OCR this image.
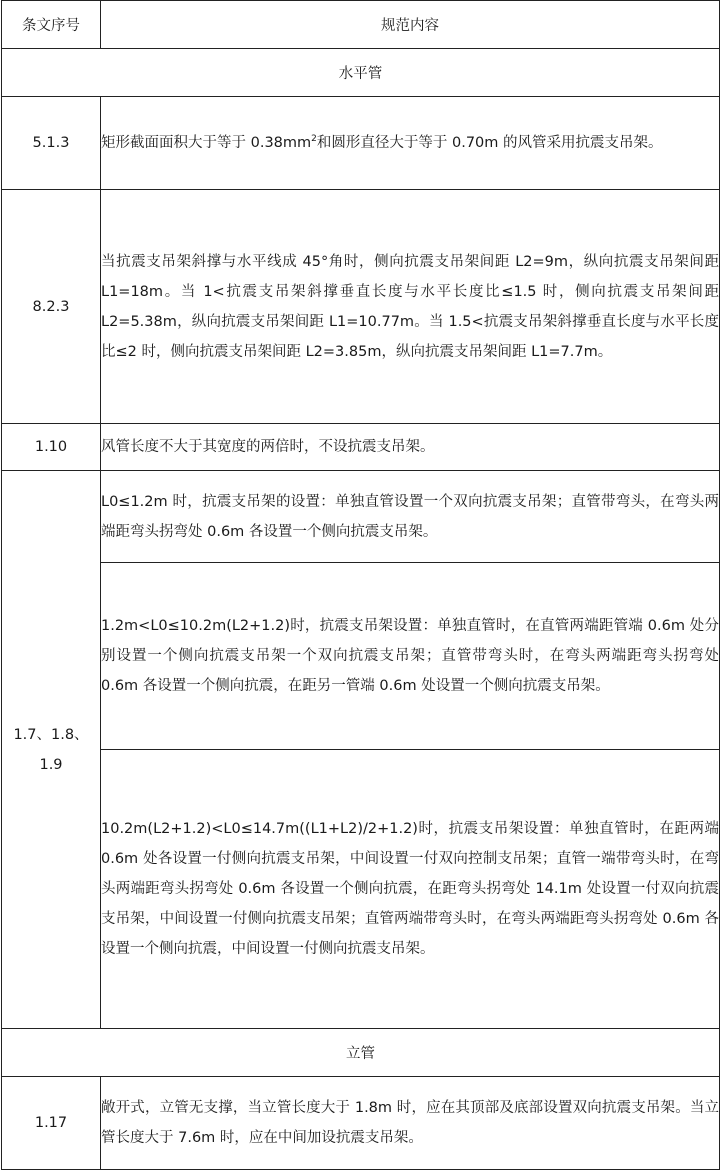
条文序号	规范内容
水平管	
5.1.3	矩形截面面积大于等于 $0.38mm^2$和圆形直径大于等于 0.70m 的风管采用抗震支吊架。
8.2.3	当抗震支吊架斜撑与水平线成 45°角时，侧向抗震支吊架间距 L2=9m，纵向抗震支吊架间距 L1=18m。当 1<抗震支吊架斜撑垂直长度与水平长度比≤1.5 时，侧向抗震支吊架间距 L2=5.38m，纵向抗震支吊架间距 L1=10.77m。当 1.5<抗震支吊架斜撑垂直长度与水平长度比≤2 时，侧向抗震支吊架间距 L2=3.85m，纵向抗震支吊架间距 L1=7.7m。
1.10	风管长度不大于其宽度的两倍时，不设抗震支吊架。
1.7、1.8、1.9	L0≤1.2m 时，抗震支吊架的设置：单独直管设置一个双向抗震支吊架；直管带弯头，在弯头两端距弯头拐弯处 0.6m 各设置一个侧向抗震支吊架。
	1.2m<L0≤10.2m(L2+1.2)时，抗震支吊架设置：单独直管时，在直管两端距管端 0.6m 处分别设置一个侧向抗震支吊架一个双向抗震支吊架；直管带弯头时，在弯头两端距弯头拐弯处 0.6m 各设置一个侧向抗震，在距另一管端 0.6m 处设置一个侧向抗震支吊架。
	10.2m(L2+1.2)<L0≤14.7m((L1+L2)/2+1.2)时，抗震支吊架设置：单独直管时，在距两端 0.6m 处各设置一付侧向抗震支吊架，中间设置一付双向控制支吊架；直管一端带弯头时，在弯头两端距弯头拐弯处 0.6m 各设置一个侧向抗震，在距弯头拐弯处 14.1m 处设置一付双向抗震支吊架，中间设置一付侧向抗震支吊架；直管两端带弯头时，在弯头两端距弯头拐弯处 0.6m 各设置一个侧向抗震，中间设置一付侧向抗震支吊架。
立管	
1.17	敞开式，立管无支撑，当立管长度大于 1.8m 时，应在其顶部及底部设置双向抗震支吊架。当立管长度大于 7.6m 时，应在中间加设抗震支吊架。
